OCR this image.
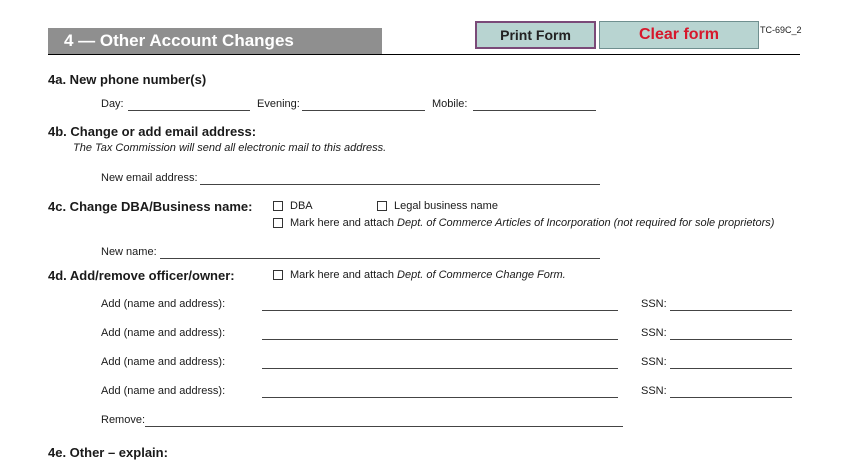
4 — Other Account Changes	Print Form	Clear form	TC-69C_2
4a. New phone number(s)
Day:	Evening:	Mobile:
4b. Change or add email address:
The Tax Commission will send all electronic mail to this address.
New email address:
4c. Change DBA/Business name:	DBA	Legal business name
Mark here and attach Dept. of Commerce Articles of Incorporation (not required for sole proprietors)
New name:
4d. Add/remove officer/owner:	Mark here and attach Dept. of Commerce Change Form.
Add (name and address):	SSN:
Add (name and address):	SSN:
Add (name and address):	SSN:
Add (name and address):	SSN:
Remove:
4e. Other – explain:
